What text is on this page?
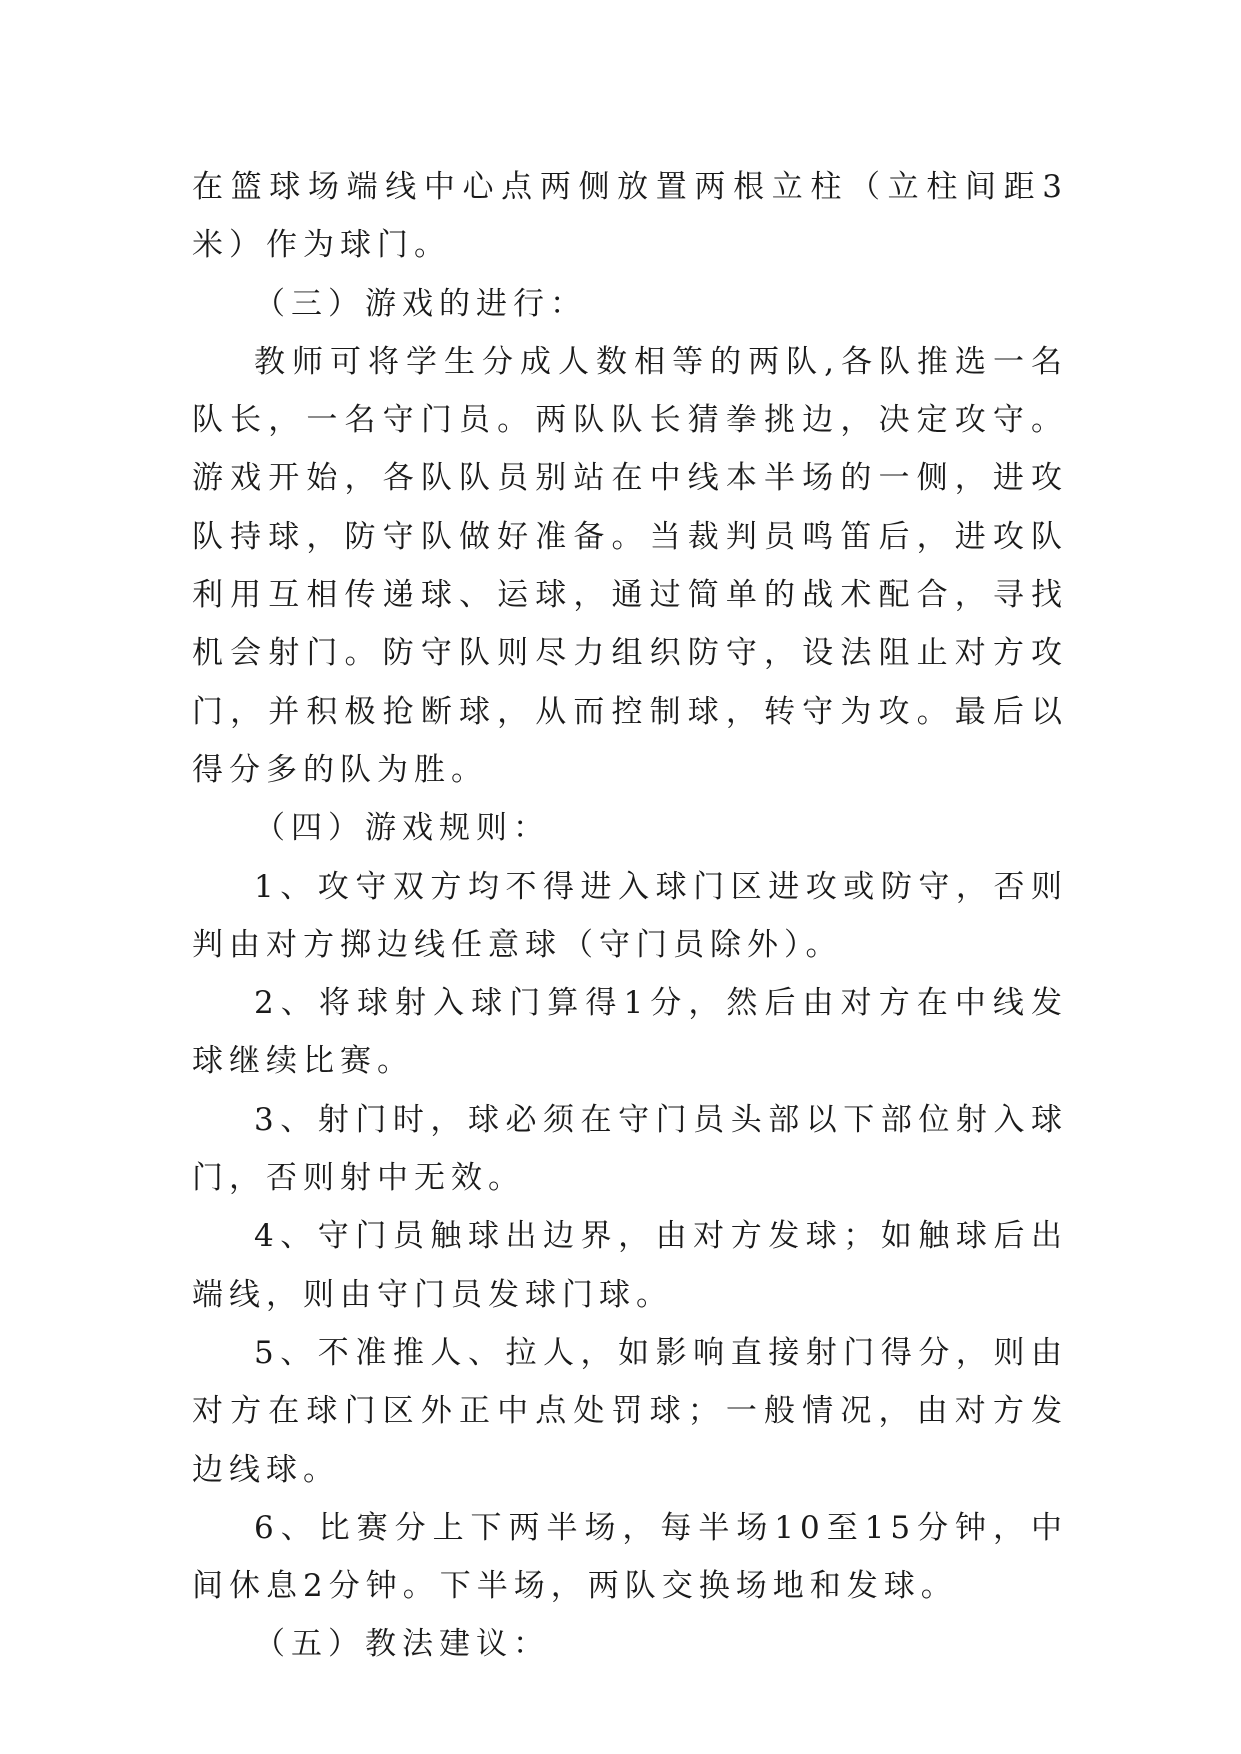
在篮球场端线中心点两侧放置两根立柱（立柱间距3米）作为球门。

（三）游戏的进行：

教师可将学生分成人数相等的两队,各队推选一名队长，一名守门员。两队队长猜拳挑边，决定攻守。游戏开始，各队队员别站在中线本半场的一侧，进攻队持球，防守队做好准备。当裁判员鸣笛后，进攻队利用互相传递球、运球，通过简单的战术配合，寻找机会射门。防守队则尽力组织防守，设法阻止对方攻门，并积极抢断球，从而控制球，转守为攻。最后以得分多的队为胜。

（四）游戏规则：

1、攻守双方均不得进入球门区进攻或防守，否则判由对方掷边线任意球（守门员除外）。

2、将球射入球门算得1分，然后由对方在中线发球继续比赛。

3、射门时，球必须在守门员头部以下部位射入球门，否则射中无效。

4、守门员触球出边界，由对方发球；如触球后出端线，则由守门员发球门球。

5、不准推人、拉人，如影响直接射门得分，则由对方在球门区外正中点处罚球；一般情况，由对方发边线球。

6、比赛分上下两半场，每半场10至15分钟，中间休息2分钟。下半场，两队交换场地和发球。

（五）教法建议：
